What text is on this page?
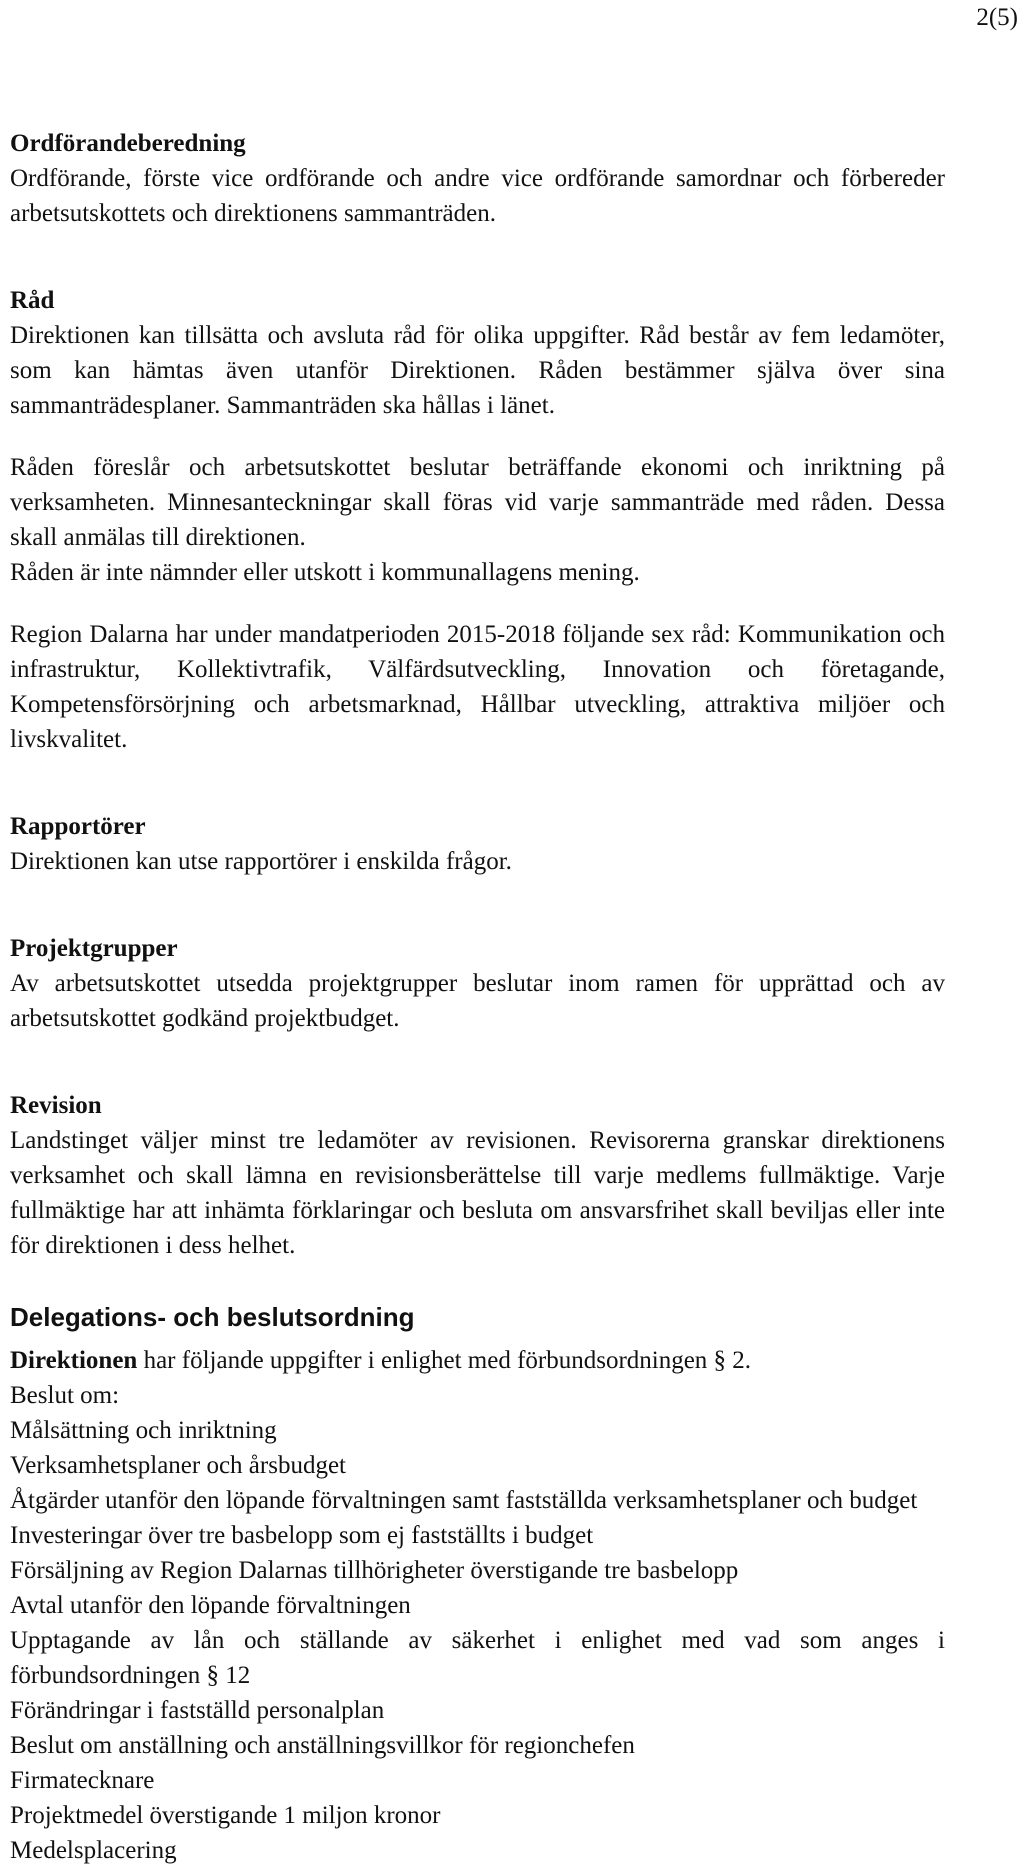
2(5)
Ordförandeberedning

Ordförande, förste vice ordförande och andre vice ordförande samordnar och förbereder arbetsutskottets och direktionens sammanträden.

Råd

Direktionen kan tillsätta och avsluta råd för olika uppgifter. Råd består av fem ledamöter, som kan hämtas även utanför Direktionen. Råden bestämmer själva över sina sammanträdesplaner. Sammanträden ska hållas i länet.

Råden föreslår och arbetsutskottet beslutar beträffande ekonomi och inriktning på verksamheten. Minnesanteckningar skall föras vid varje sammanträde med råden. Dessa skall anmälas till direktionen.

Råden är inte nämnder eller utskott i kommunallagens mening.

Region Dalarna har under mandatperioden 2015-2018 följande sex råd: Kommunikation och infrastruktur, Kollektivtrafik, Välfärdsutveckling, Innovation och företagande, Kompetensförsörjning och arbetsmarknad, Hållbar utveckling, attraktiva miljöer och livskvalitet.

Rapportörer

Direktionen kan utse rapportörer i enskilda frågor.

Projektgrupper

Av arbetsutskottet utsedda projektgrupper beslutar inom ramen för upprättad och av arbetsutskottet godkänd projektbudget.

Revision

Landstinget väljer minst tre ledamöter av revisionen. Revisorerna granskar direktionens verksamhet och skall lämna en revisionsberättelse till varje medlems fullmäktige. Varje fullmäktige har att inhämta förklaringar och besluta om ansvarsfrihet skall beviljas eller inte för direktionen i dess helhet.

Delegations- och beslutsordning

Direktionen har följande uppgifter i enlighet med förbundsordningen § 2.

Beslut om:

Målsättning och inriktning

Verksamhetsplaner och årsbudget

Åtgärder utanför den löpande förvaltningen samt fastställda verksamhetsplaner och budget

Investeringar över tre basbelopp som ej fastställts i budget

Försäljning av Region Dalarnas tillhörigheter överstigande tre basbelopp

Avtal utanför den löpande förvaltningen

Upptagande av lån och ställande av säkerhet i enlighet med vad som anges i förbundsordningen § 12

Förändringar i fastställd personalplan

Beslut om anställning och anställningsvillkor för regionchefen

Firmatecknare

Projektmedel överstigande 1 miljon kronor

Medelsplacering
